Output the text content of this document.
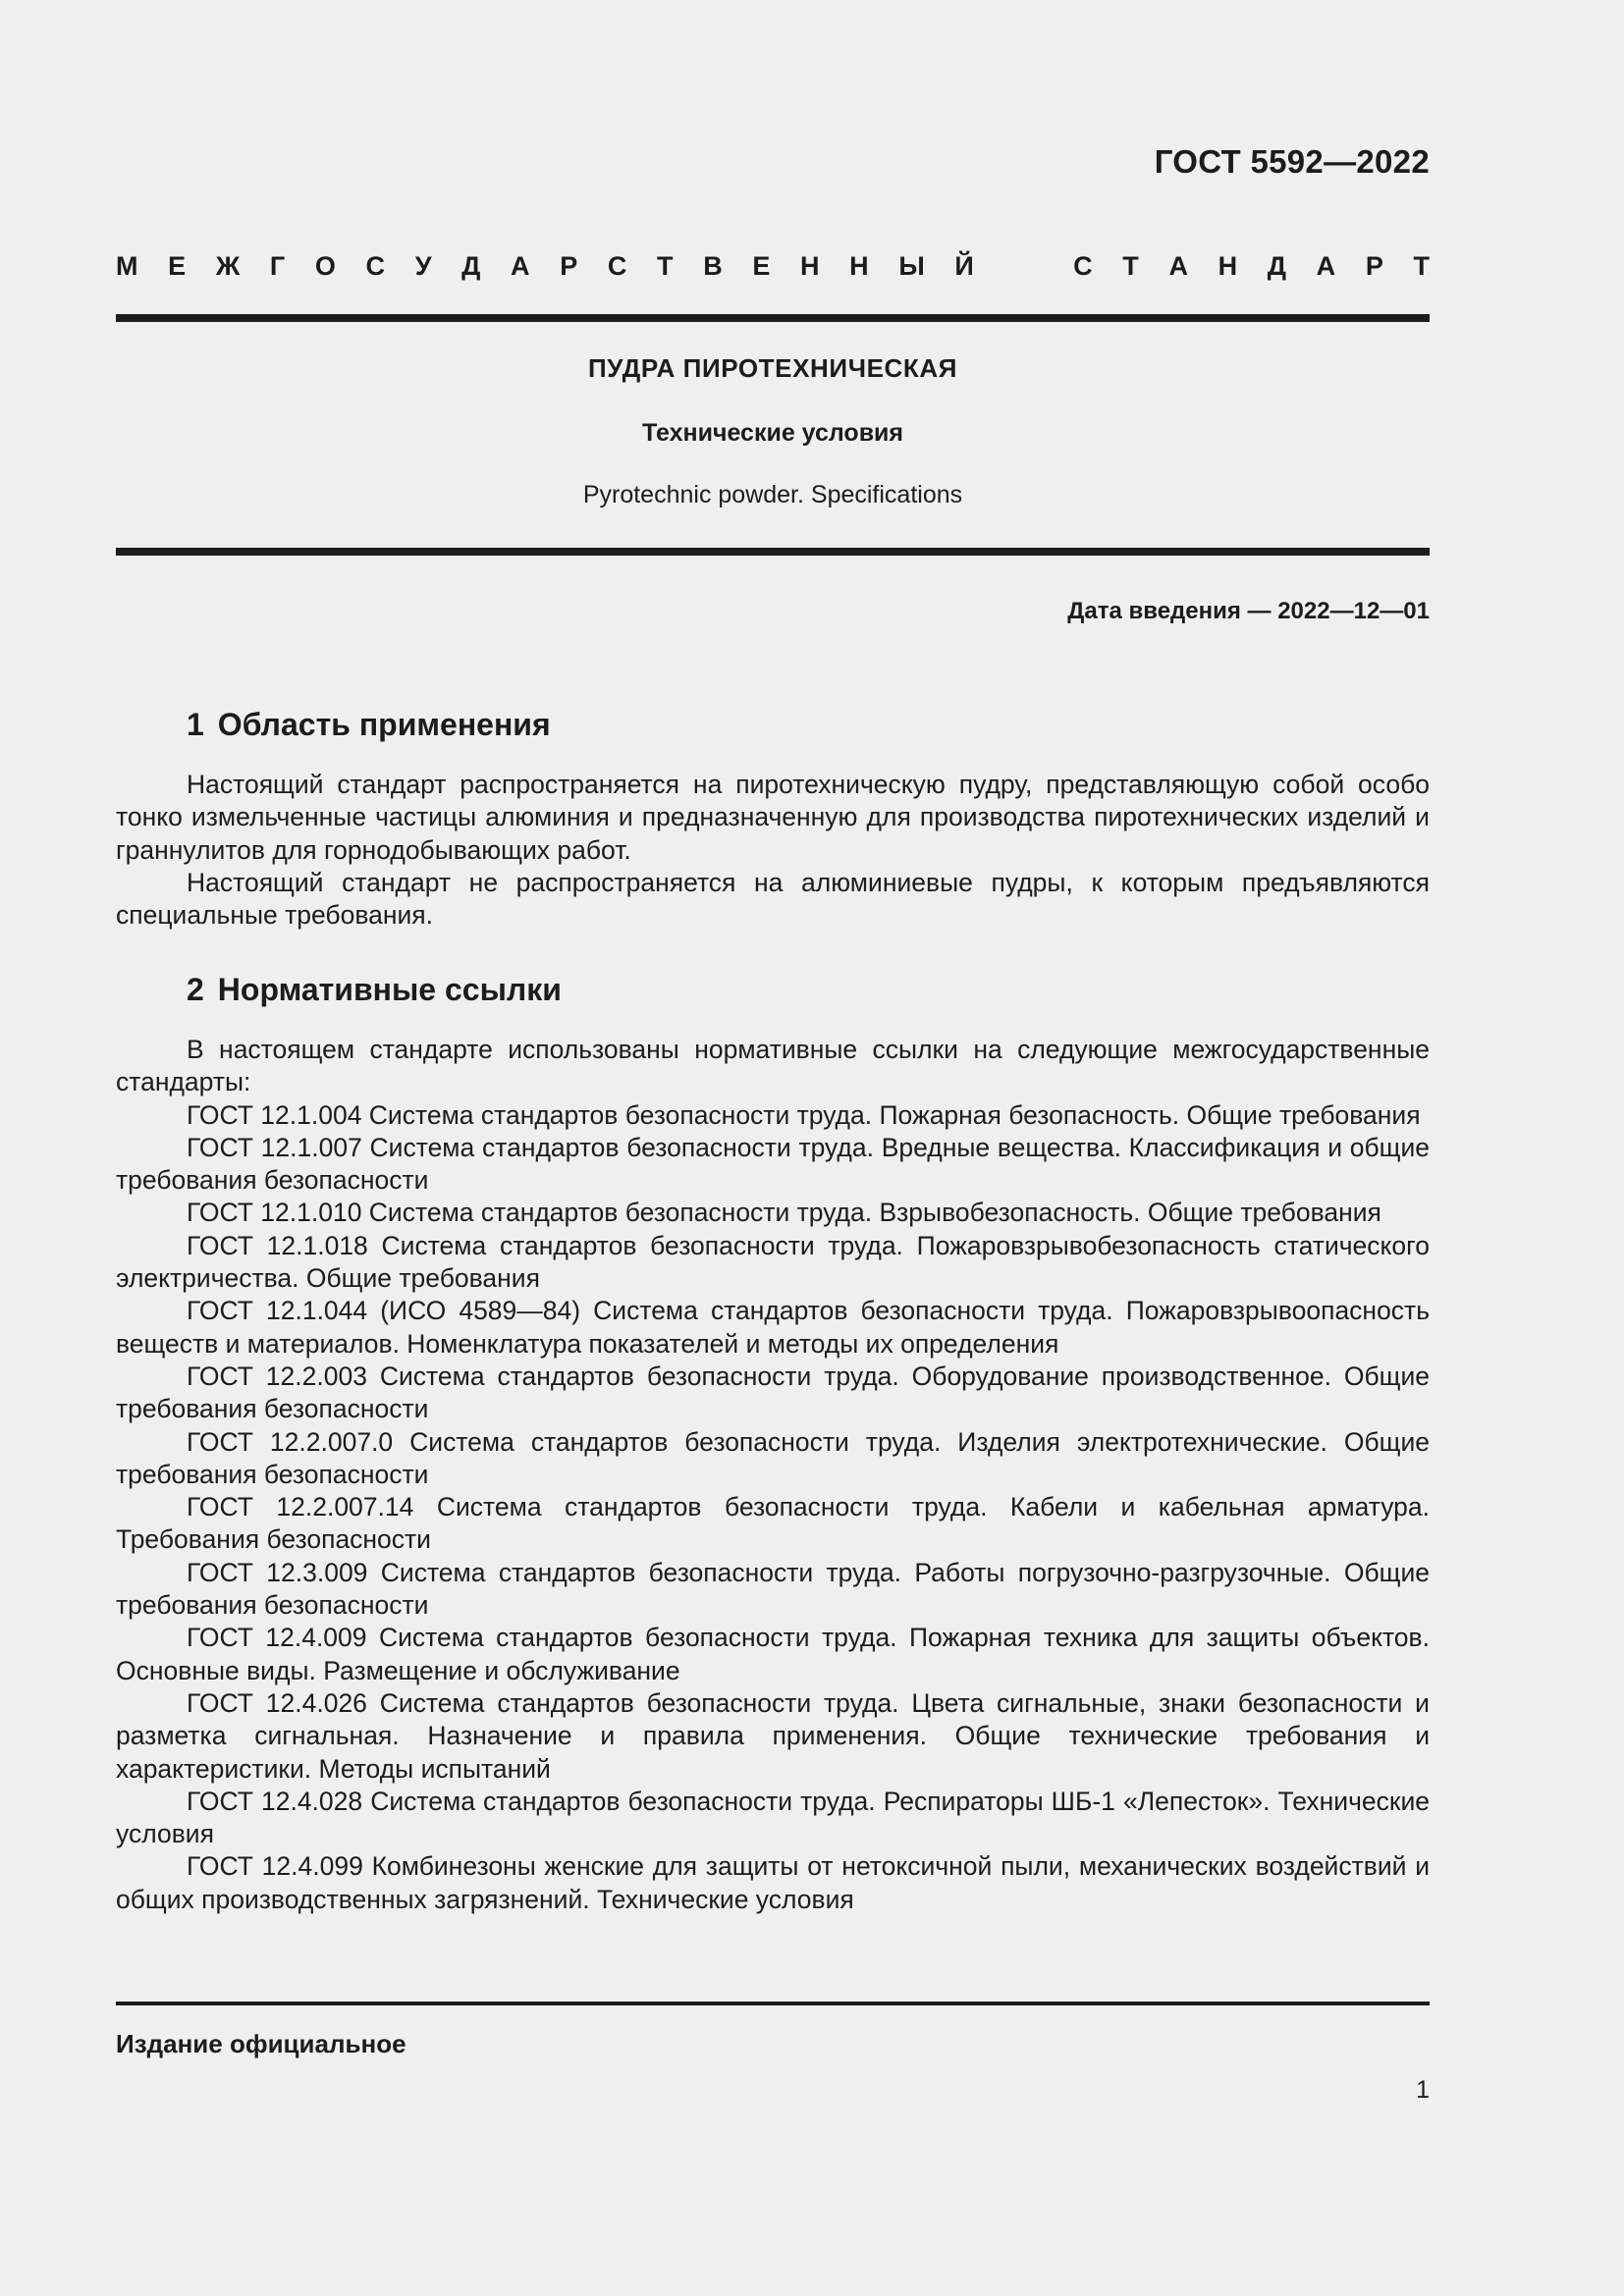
ГОСТ 5592—2022
М Е Ж Г О С У Д А Р С Т В Е Н Н Ы Й	С Т А Н Д А Р Т
ПУДРА ПИРОТЕХНИЧЕСКАЯ
Технические условия
Pyrotechnic powder. Specifications
Дата введения — 2022—12—01
1 Область применения

Настоящий стандарт распространяется на пиротехническую пудру, представляющую собой особо тонко измельченные частицы алюминия и предназначенную для производства пиротехнических изделий и граннулитов для горнодобывающих работ.

Настоящий стандарт не распространяется на алюминиевые пудры, к которым предъявляются специальные требования.

2 Нормативные ссылки

В настоящем стандарте использованы нормативные ссылки на следующие межгосударственные стандарты:

ГОСТ 12.1.004 Система стандартов безопасности труда. Пожарная безопасность. Общие требования

ГОСТ 12.1.007 Система стандартов безопасности труда. Вредные вещества. Классификация и общие требования безопасности

ГОСТ 12.1.010 Система стандартов безопасности труда. Взрывобезопасность. Общие требования

ГОСТ 12.1.018 Система стандартов безопасности труда. Пожаровзрывобезопасность статического электричества. Общие требования

ГОСТ 12.1.044 (ИСО 4589—84) Система стандартов безопасности труда. Пожаровзрывоопасность веществ и материалов. Номенклатура показателей и методы их определения

ГОСТ 12.2.003 Система стандартов безопасности труда. Оборудование производственное. Общие требования безопасности

ГОСТ 12.2.007.0 Система стандартов безопасности труда. Изделия электротехнические. Общие требования безопасности

ГОСТ 12.2.007.14 Система стандартов безопасности труда. Кабели и кабельная арматура. Требования безопасности

ГОСТ 12.3.009 Система стандартов безопасности труда. Работы погрузочно-разгрузочные. Общие требования безопасности

ГОСТ 12.4.009 Система стандартов безопасности труда. Пожарная техника для защиты объектов. Основные виды. Размещение и обслуживание

ГОСТ 12.4.026 Система стандартов безопасности труда. Цвета сигнальные, знаки безопасности и разметка сигнальная. Назначение и правила применения. Общие технические требования и характеристики. Методы испытаний

ГОСТ 12.4.028 Система стандартов безопасности труда. Респираторы ШБ-1 «Лепесток». Технические условия

ГОСТ 12.4.099 Комбинезоны женские для защиты от нетоксичной пыли, механических воздействий и общих производственных загрязнений. Технические условия

Издание официальное
1
